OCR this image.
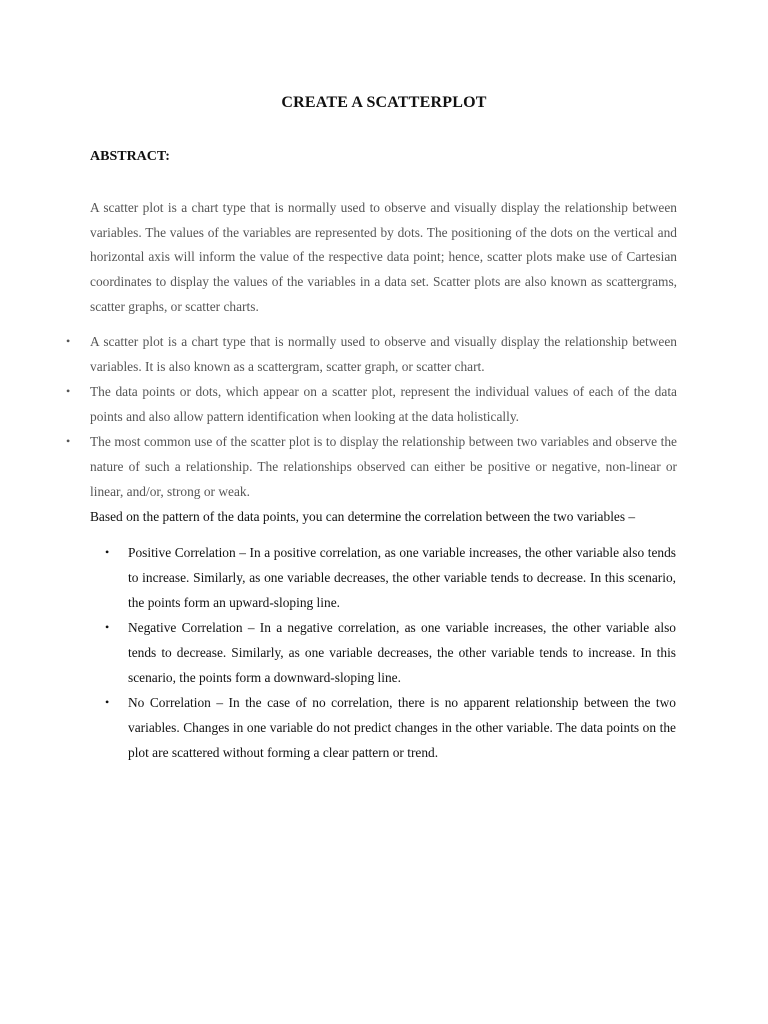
CREATE A SCATTERPLOT
ABSTRACT:

A scatter plot is a chart type that is normally used to observe and visually display the relationship between variables. The values of the variables are represented by dots. The positioning of the dots on the vertical and horizontal axis will inform the value of the respective data point; hence, scatter plots make use of Cartesian coordinates to display the values of the variables in a data set. Scatter plots are also known as scattergrams, scatter graphs, or scatter charts.

• A scatter plot is a chart type that is normally used to observe and visually display the relationship between variables. It is also known as a scattergram, scatter graph, or scatter chart.
• The data points or dots, which appear on a scatter plot, represent the individual values of each of the data points and also allow pattern identification when looking at the data holistically.
• The most common use of the scatter plot is to display the relationship between two variables and observe the nature of such a relationship. The relationships observed can either be positive or negative, non-linear or linear, and/or, strong or weak.

Based on the pattern of the data points, you can determine the correlation between the two variables –

• Positive Correlation – In a positive correlation, as one variable increases, the other variable also tends to increase. Similarly, as one variable decreases, the other variable tends to decrease. In this scenario, the points form an upward-sloping line.
• Negative Correlation – In a negative correlation, as one variable increases, the other variable also tends to decrease. Similarly, as one variable decreases, the other variable tends to increase. In this scenario, the points form a downward-sloping line.
• No Correlation – In the case of no correlation, there is no apparent relationship between the two variables. Changes in one variable do not predict changes in the other variable. The data points on the plot are scattered without forming a clear pattern or trend.
